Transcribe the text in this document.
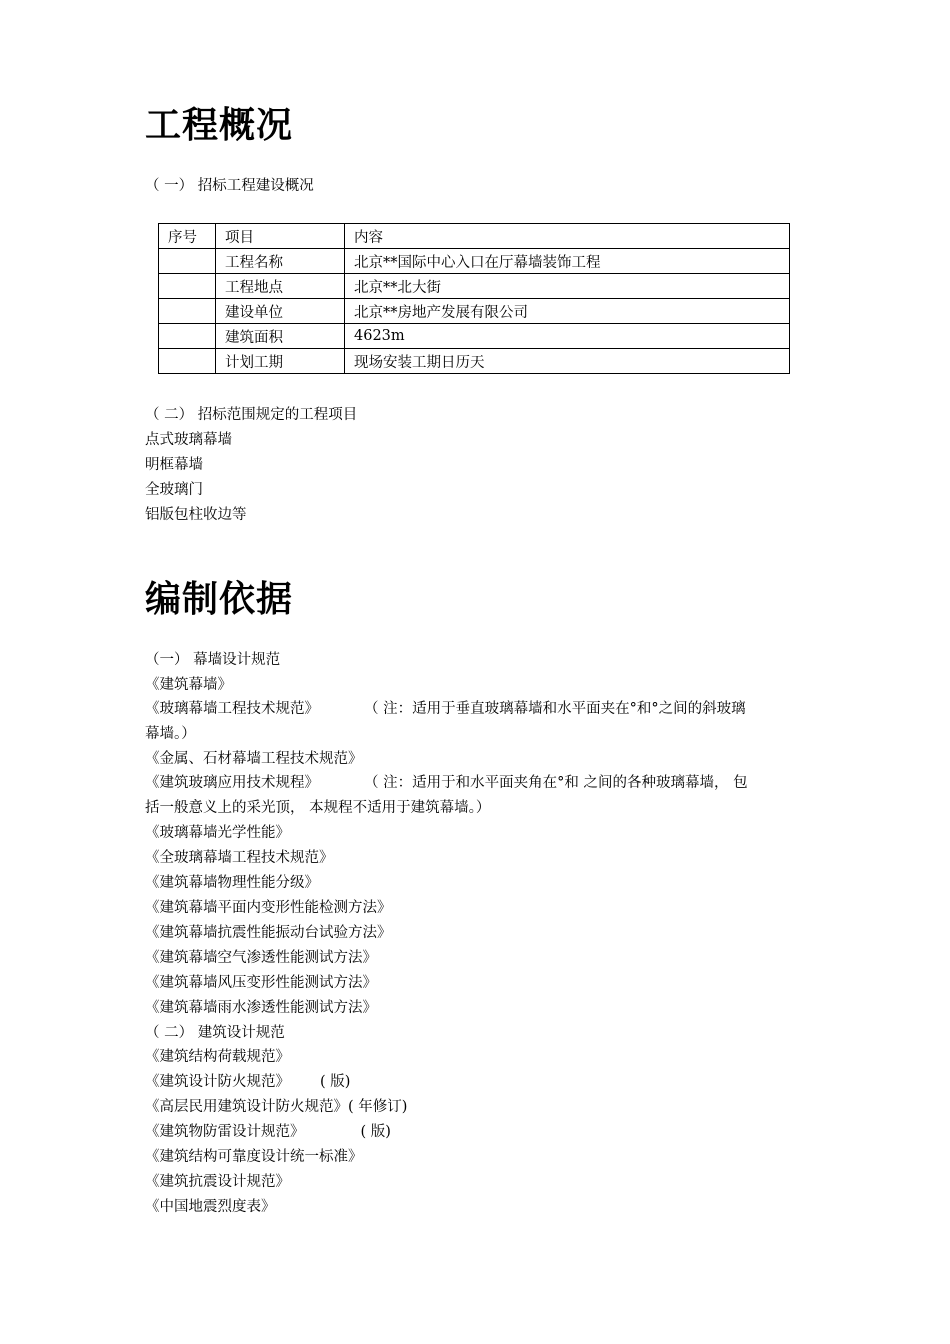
工程概况
（ 一） 招标工程建设概况
序号	项目	内容
	工程名称	北京**国际中心入口在厅幕墙装饰工程
	工程地点	北京**北大街
	建设单位	北京**房地产发展有限公司
	建筑面积	4623m
	计划工期	现场安装工期日历天
（ 二） 招标范围规定的工程项目
点式玻璃幕墙
明框幕墙
全玻璃门
铝版包柱收边等
编制依据
（一） 幕墙设计规范
《建筑幕墙》
《玻璃幕墙工程技术规范》	（ 注：适用于垂直玻璃幕墙和水平面夹在°和°之间的斜玻璃
幕墙。）
《金属、石材幕墙工程技术规范》
《建筑玻璃应用技术规程》	（ 注：适用于和水平面夹角在°和 之间的各种玻璃幕墙， 包
括一般意义上的采光顶， 本规程不适用于建筑幕墙。）
《玻璃幕墙光学性能》
《全玻璃幕墙工程技术规范》
《建筑幕墙物理性能分级》
《建筑幕墙平面内变形性能检测方法》
《建筑幕墙抗震性能振动台试验方法》
《建筑幕墙空气渗透性能测试方法》
《建筑幕墙风压变形性能测试方法》
《建筑幕墙雨水渗透性能测试方法》
（ 二） 建筑设计规范
《建筑结构荷载规范》
《建筑设计防火规范》 ( 版)
《高层民用建筑设计防火规范》( 年修订)
《建筑物防雷设计规范》	( 版)
《建筑结构可靠度设计统一标准》
《建筑抗震设计规范》
《中国地震烈度表》
